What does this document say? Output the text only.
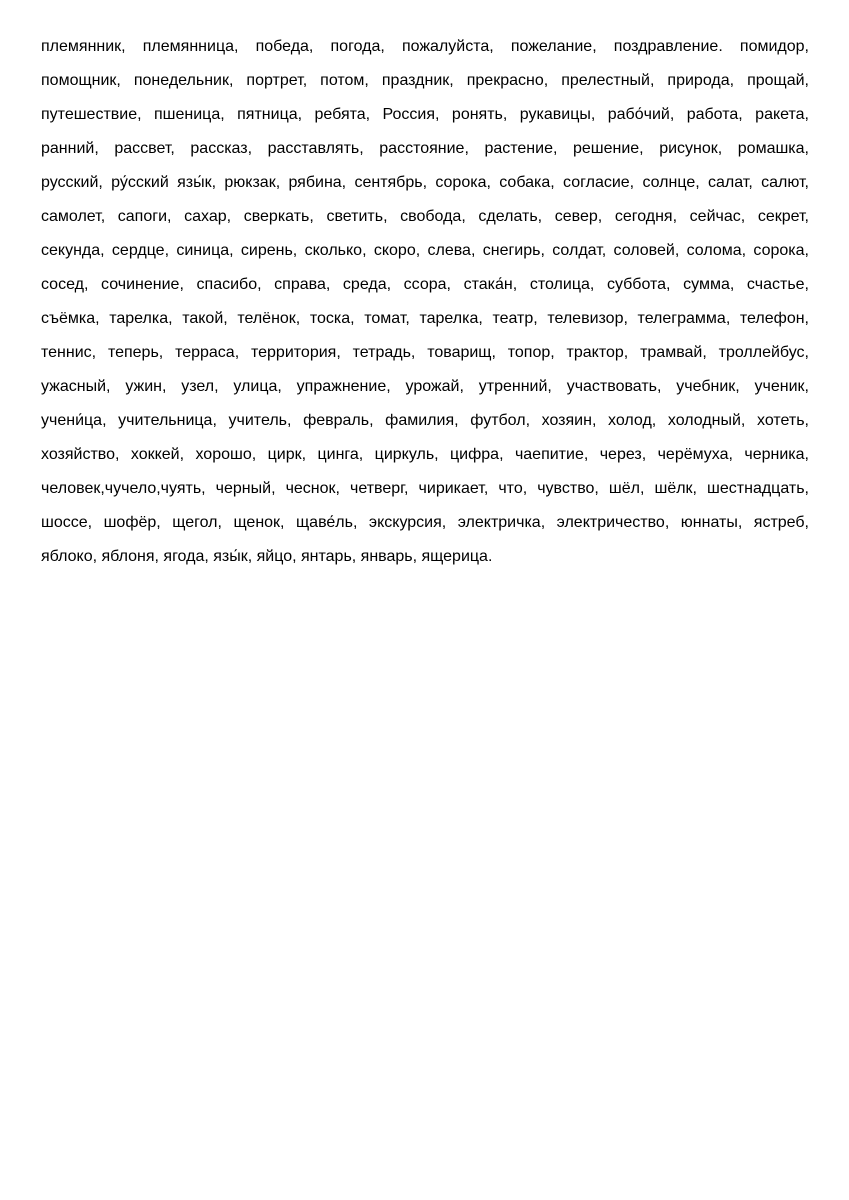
племянник, племянница, победа, погода, пожалуйста, пожелание, поздравление. помидор,
помощник, понедельник, портрет, потом, праздник, прекрасно, прелестный, природа, прощай,
путешествие, пшеница, пятница, ребята, Россия, ронять, рукавицы, рабо́чий, работа, ракета,
ранний, рассвет, рассказ, расставлять, расстояние, растение, решение, рисунок, ромашка,
русский, ру́сский язы́к, рюкзак, рябина, сентябрь, сорока, собака, согласие, солнце, салат, салют,
самолет, сапоги, сахар, сверкать, светить, свобода, сделать, север, сегодня, сейчас, секрет,
секунда, сердце, синица, сирень, сколько, скоро, слева, снегирь, солдат, соловей, солома, сорока,
сосед, сочинение, спасибо, справа, среда, ссора, стака́н, столица, суббота, сумма, счастье,
съёмка, тарелка, такой, телёнок, тоска, томат, тарелка, театр, телевизор, телеграмма, телефон,
теннис, теперь, терраса, территория, тетрадь, товарищ, топор, трактор, трамвай, троллейбус,
ужасный, ужин, узел, улица, упражнение, урожай, утренний, участвовать, учебник, ученик,
учени́ца, учительница, учитель, февраль, фамилия, футбол, хозяин, холод, холодный, хотеть,
хозяйство, хоккей, хорошо, цирк, цинга, циркуль, цифра, чаепитие, через, черёмуха, черника,
человек,чучело,чуять, черный, чеснок, четверг, чирикает, что, чувство, шёл, шёлк, шестнадцать,
шоссе, шофёр, щегол, щенок, щаве́ль, экскурсия, электричка, электричество, юннаты, ястреб,
яблоко, яблоня, ягода, язы́к, яйцо, янтарь, январь, ящерица.
